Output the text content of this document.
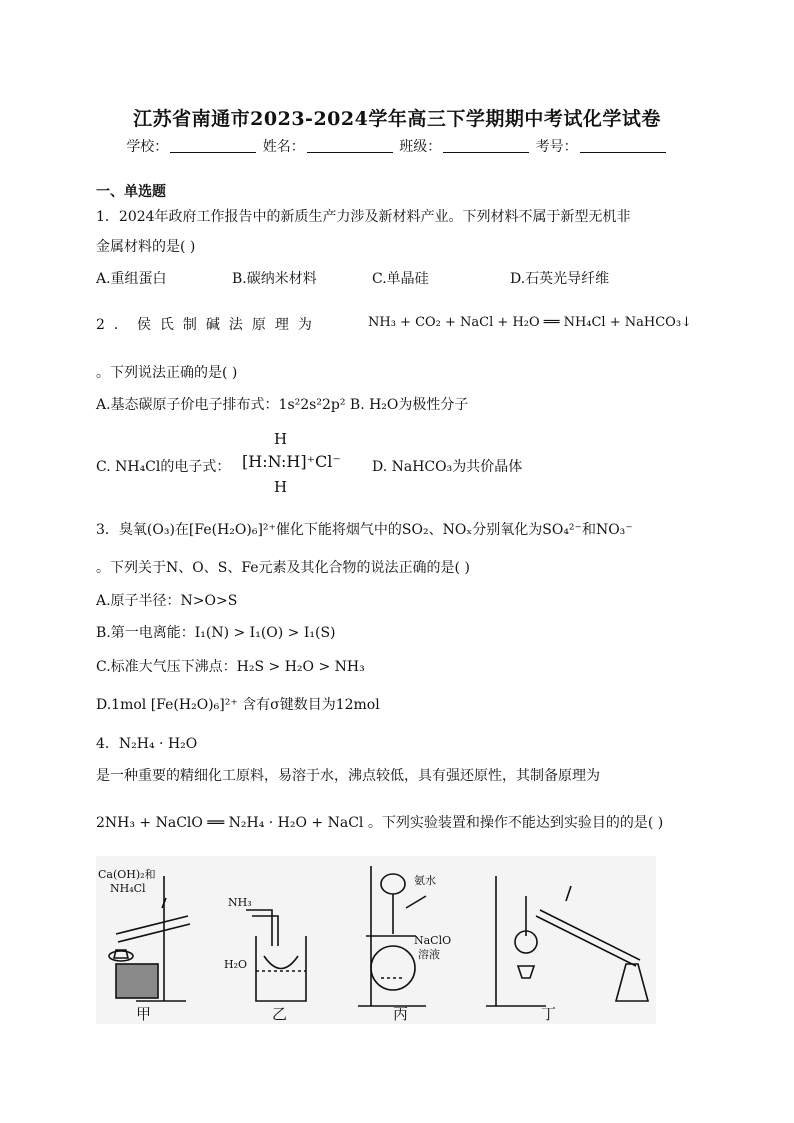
江苏省南通市2023-2024学年高三下学期期中考试化学试卷
学校：	姓名：	班级：	考号：
一、单选题
1．2024年政府工作报告中的新质生产力涉及新材料产业。下列材料不属于新型无机非
金属材料的是( )
A.重组蛋白	B.碳纳米材料	C.单晶硅	D.石英光导纤维
2．侯氏制碱法原理为	NH₃ + CO₂ + NaCl + H₂O ══ NH₄Cl + NaHCO₃↓
。下列说法正确的是( )
A.基态碳原子价电子排布式：1s²2s²2p² B. H₂O为极性分子
C. NH₄Cl的电子式：
H
[H:N:H]⁺Cl⁻
H
D. NaHCO₃为共价晶体
3．臭氧(O₃)在[Fe(H₂O)₆]²⁺催化下能将烟气中的SO₂、NOₓ分别氧化为SO₄²⁻和NO₃⁻
。下列关于N、O、S、Fe元素及其化合物的说法正确的是( )
A.原子半径：N>O>S
B.第一电离能：I₁(N) > I₁(O) > I₁(S)
C.标准大气压下沸点：H₂S > H₂O > NH₃
D.1mol [Fe(H₂O)₆]²⁺ 含有σ键数目为12mol
4．N₂H₄ · H₂O
是一种重要的精细化工原料，易溶于水，沸点较低，具有强还原性，其制备原理为
2NH₃ + NaClO ══ N₂H₄ · H₂O + NaCl 。下列实验装置和操作不能达到实验目的的是( )
Ca(OH)₂和
NH₄Cl
NH₃
H₂O
氨水
NaClO
溶液
甲	乙	丙	丁
